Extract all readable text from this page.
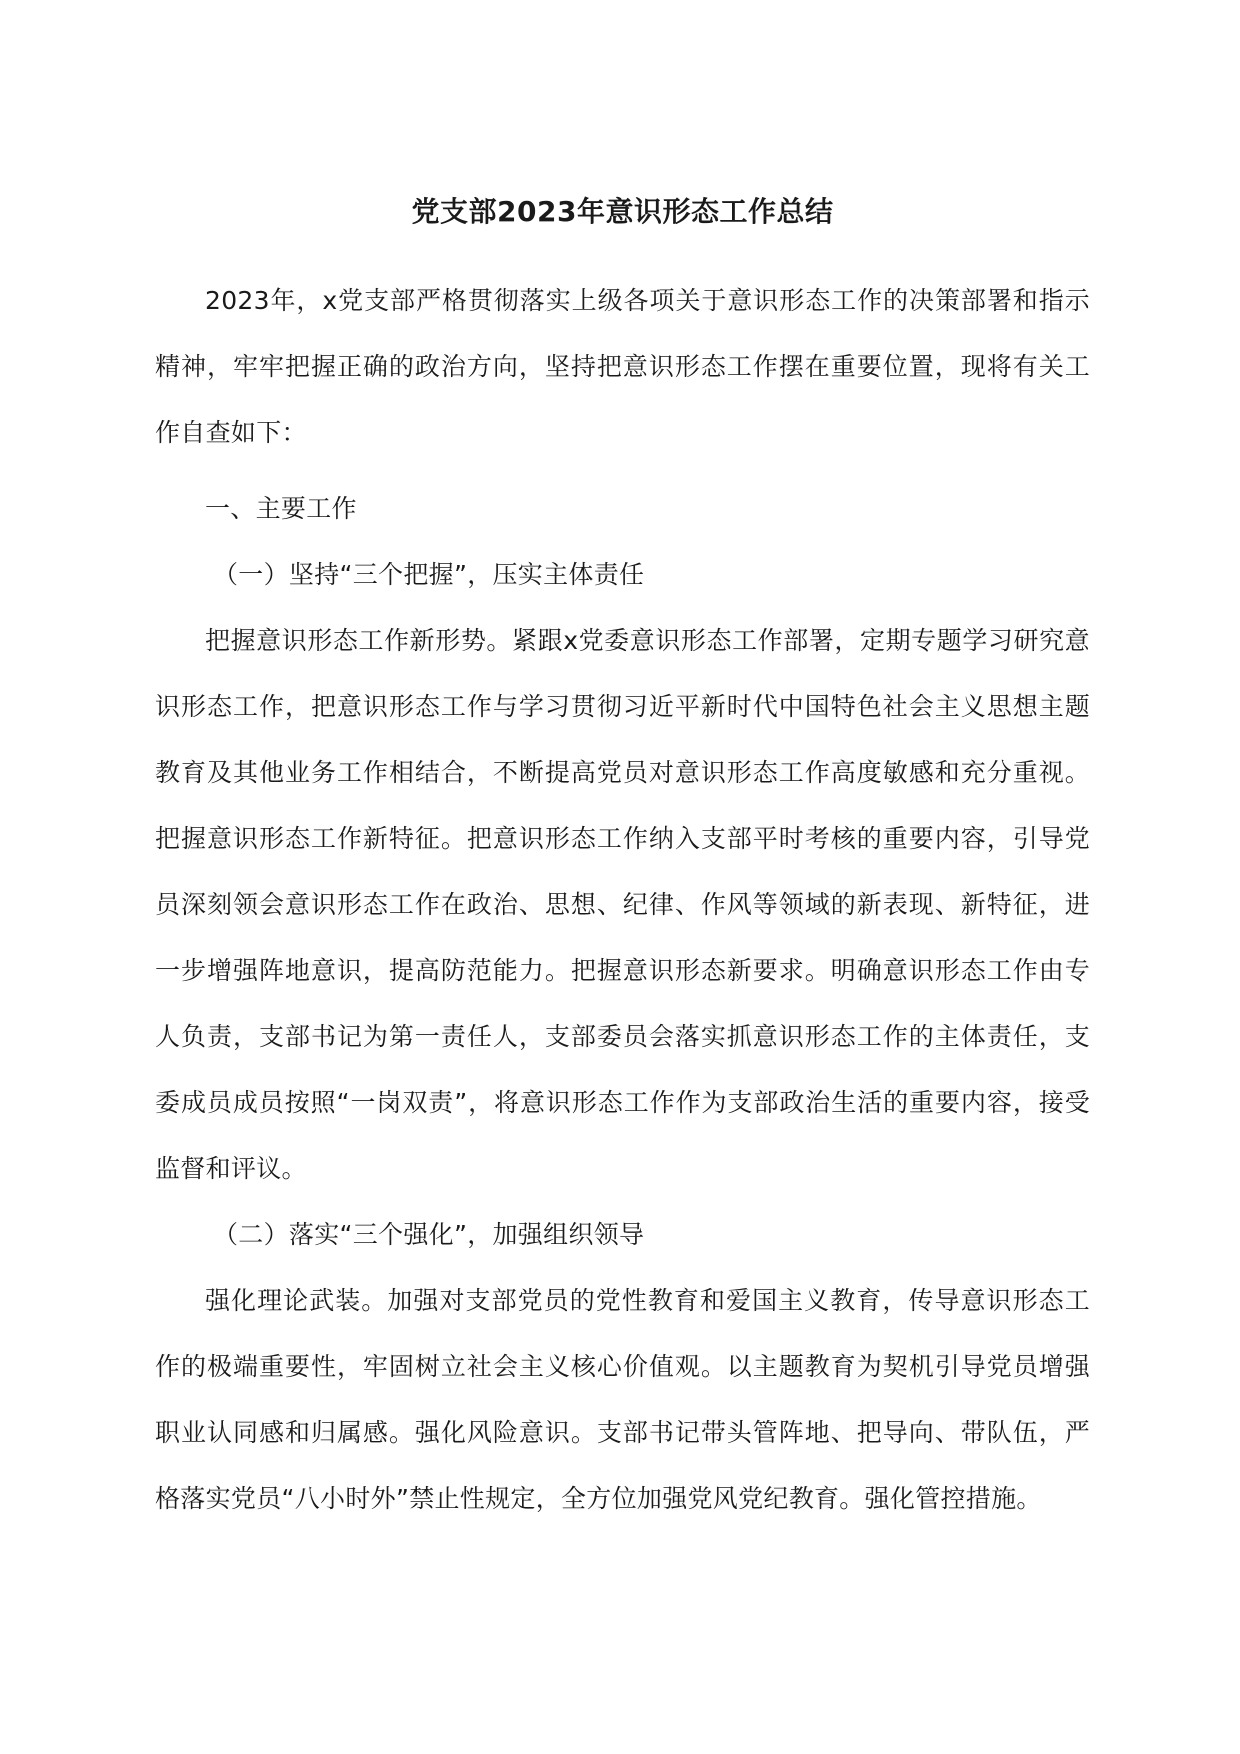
党支部2023年意识形态工作总结

2023年，x党支部严格贯彻落实上级各项关于意识形态工作的决策部署和指示精神，牢牢把握正确的政治方向，坚持把意识形态工作摆在重要位置，现将有关工作自查如下：

一、主要工作

（一）坚持“三个把握”，压实主体责任

把握意识形态工作新形势。紧跟x党委意识形态工作部署，定期专题学习研究意识形态工作，把意识形态工作与学习贯彻习近平新时代中国特色社会主义思想主题教育及其他业务工作相结合，不断提高党员对意识形态工作高度敏感和充分重视。把握意识形态工作新特征。把意识形态工作纳入支部平时考核的重要内容，引导党员深刻领会意识形态工作在政治、思想、纪律、作风等领域的新表现、新特征，进一步增强阵地意识，提高防范能力。把握意识形态新要求。明确意识形态工作由专人负责，支部书记为第一责任人，支部委员会落实抓意识形态工作的主体责任，支委成员成员按照“一岗双责”，将意识形态工作作为支部政治生活的重要内容，接受监督和评议。

（二）落实“三个强化”，加强组织领导

强化理论武装。加强对支部党员的党性教育和爱国主义教育，传导意识形态工作的极端重要性，牢固树立社会主义核心价值观。以主题教育为契机引导党员增强职业认同感和归属感。强化风险意识。支部书记带头管阵地、把导向、带队伍，严格落实党员“八小时外”禁止性规定，全方位加强党风党纪教育。强化管控措施。
